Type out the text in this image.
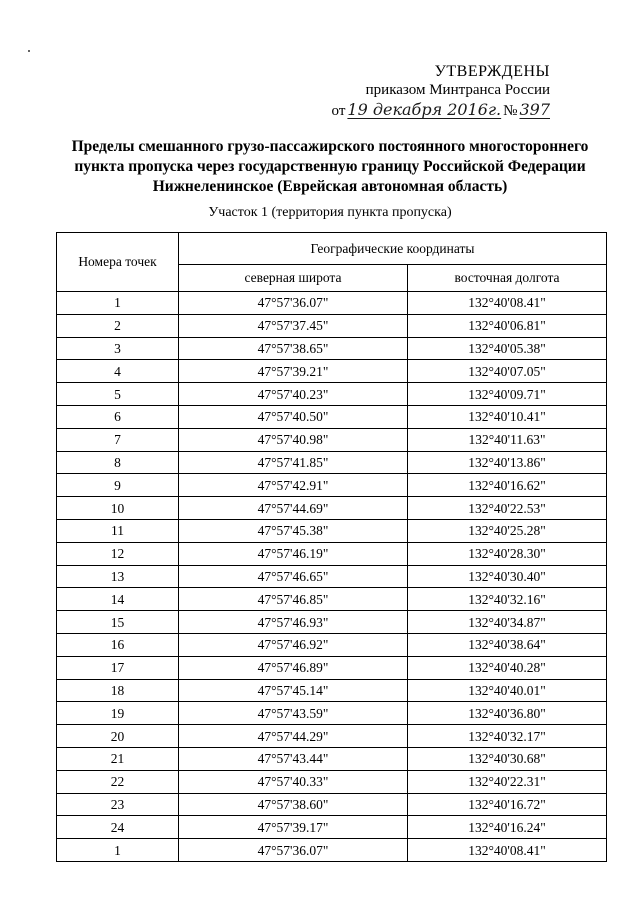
УТВЕРЖДЕНЫ
приказом Минтранса России
от 19 декабря 2016г. № 397
Пределы смешанного грузо-пассажирского постоянного многостороннего
пункта пропуска через государственную границу Российской Федерации
Нижнеленинское (Еврейская автономная область)
Участок 1 (территория пункта пропуска)
Номера точек	Географические координаты	
	северная широта	восточная долгота
1	47°57'36.07"	132°40'08.41"
2	47°57'37.45"	132°40'06.81"
3	47°57'38.65"	132°40'05.38"
4	47°57'39.21"	132°40'07.05"
5	47°57'40.23"	132°40'09.71"
6	47°57'40.50"	132°40'10.41"
7	47°57'40.98"	132°40'11.63"
8	47°57'41.85"	132°40'13.86"
9	47°57'42.91"	132°40'16.62"
10	47°57'44.69"	132°40'22.53"
11	47°57'45.38"	132°40'25.28"
12	47°57'46.19"	132°40'28.30"
13	47°57'46.65"	132°40'30.40"
14	47°57'46.85"	132°40'32.16"
15	47°57'46.93"	132°40'34.87"
16	47°57'46.92"	132°40'38.64"
17	47°57'46.89"	132°40'40.28"
18	47°57'45.14"	132°40'40.01"
19	47°57'43.59"	132°40'36.80"
20	47°57'44.29"	132°40'32.17"
21	47°57'43.44"	132°40'30.68"
22	47°57'40.33"	132°40'22.31"
23	47°57'38.60"	132°40'16.72"
24	47°57'39.17"	132°40'16.24"
1	47°57'36.07"	132°40'08.41"
